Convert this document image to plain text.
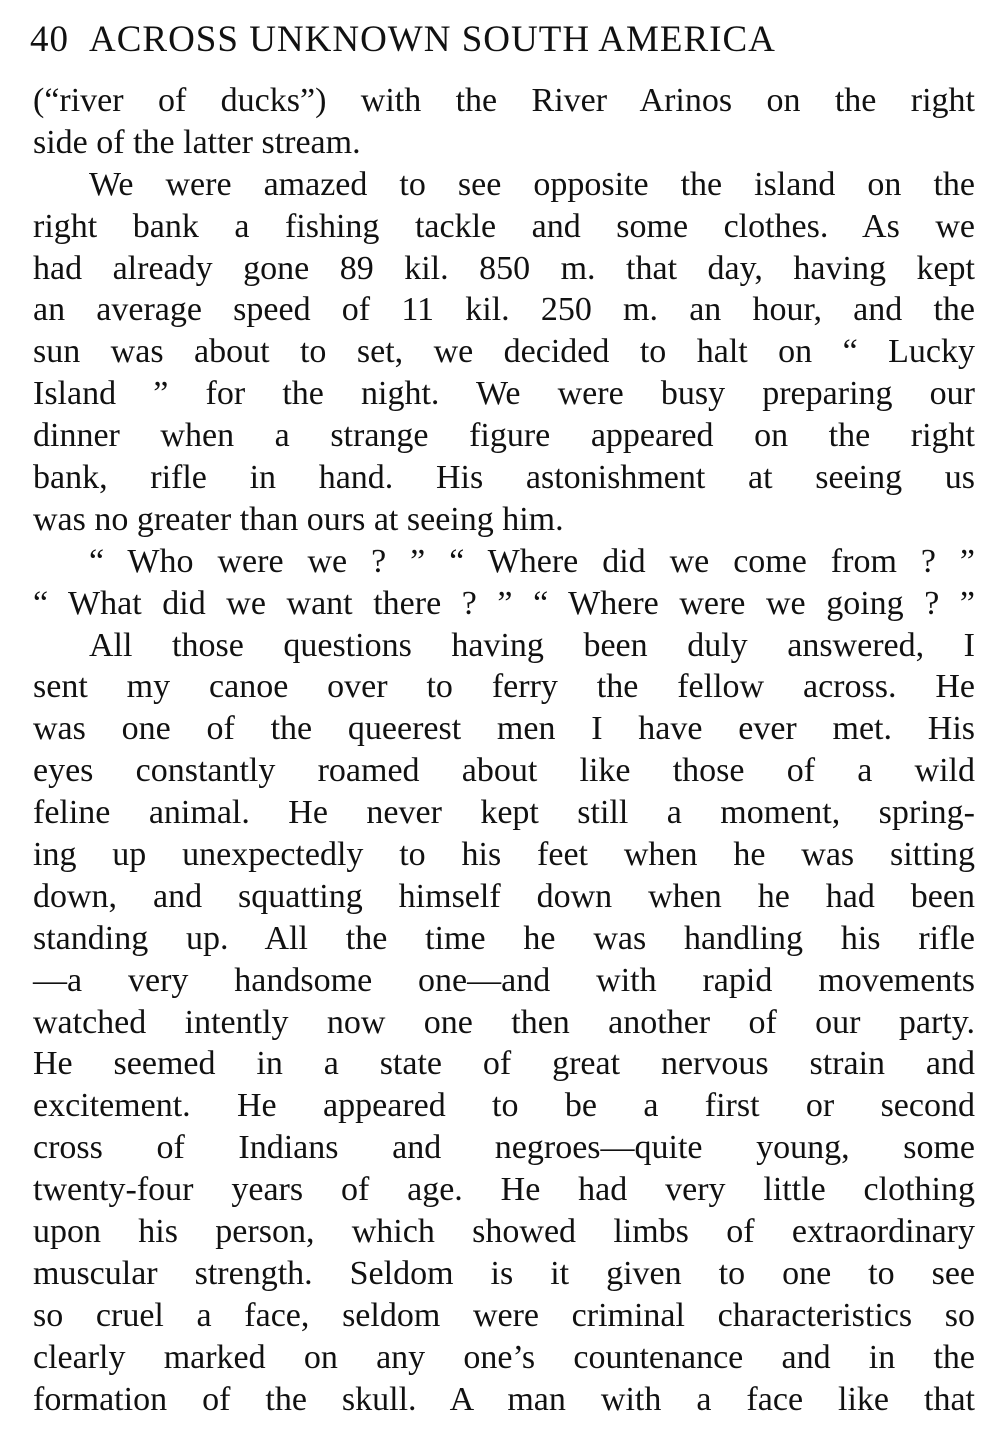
40 ACROSS UNKNOWN SOUTH AMERICA
(“river of ducks”) with the River Arinos on the right
side of the latter stream.
We were amazed to see opposite the island on the
right bank a fishing tackle and some clothes. As we
had already gone 89 kil. 850 m. that day, having kept
an average speed of 11 kil. 250 m. an hour, and the
sun was about to set, we decided to halt on “ Lucky
Island ” for the night. We were busy preparing our
dinner when a strange figure appeared on the right
bank, rifle in hand. His astonishment at seeing us
was no greater than ours at seeing him.
“ Who were we ? ” “ Where did we come from ? ”
“ What did we want there ? ” “ Where were we going ? ”
All those questions having been duly answered, I
sent my canoe over to ferry the fellow across. He
was one of the queerest men I have ever met. His
eyes constantly roamed about like those of a wild
feline animal. He never kept still a moment, spring-
ing up unexpectedly to his feet when he was sitting
down, and squatting himself down when he had been
standing up. All the time he was handling his rifle
—a very handsome one—and with rapid movements
watched intently now one then another of our party.
He seemed in a state of great nervous strain and
excitement. He appeared to be a first or second
cross of Indians and negroes—quite young, some
twenty-four years of age. He had very little clothing
upon his person, which showed limbs of extraordinary
muscular strength. Seldom is it given to one to see
so cruel a face, seldom were criminal characteristics so
clearly marked on any one’s countenance and in the
formation of the skull. A man with a face like that
